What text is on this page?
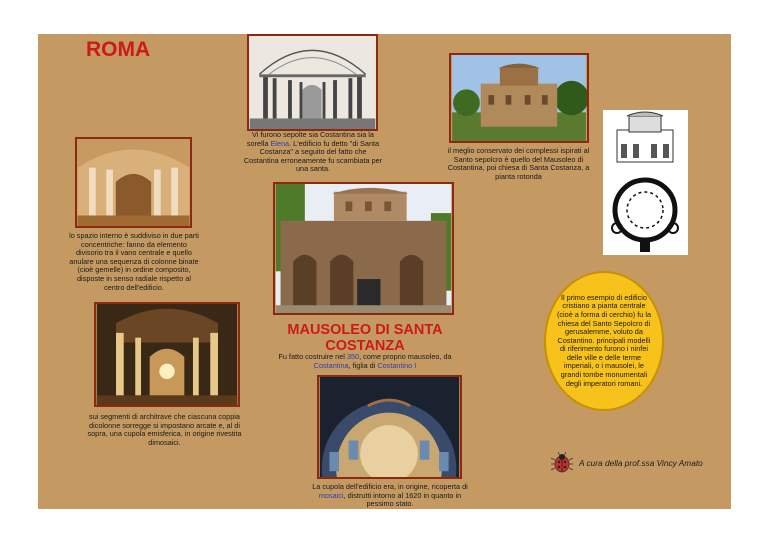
ROMA
Vi furono sepolte sia Costantina sia la sorella Elena. L'edificio fu detto "di Santa Costanza" a seguito del fatto che Costantina erroneamente fu scambiata per una santa.
il meglio conservato dei complessi ispirati al Santo sepolcro è quello del Mausoleo di Costantina, poi chiesa di Santa Costanza, a pianta rotonda
lo spazio interno è suddiviso in due parti concentriche: fanno da elemento divisorio tra il vano centrale e quello anulare una sequenza di colonne binate (cioè gemelle) in ordine composito, disposte in senso radiale rispetto al centro dell'edificio.
MAUSOLEO DI SANTA COSTANZA
Fu fatto costruire nel 350, come proprio mausoleo, da Costantina, figlia di Costantino I
Il primo esempio di edificio cristiano a pianta centrale (cioè a forma di cerchio) fu la chiesa del Santo Sepolcro di gerusalemme, voluto da Costantino. principali modelli di riferimento furono i ninfei delle ville e delle terme imperiali, o i mausolei, le grandi tombe monumentali degli imperatori romani.
sui segmenti di architrave che ciascuna coppia dicolonne sorregge si impostano arcate e, al di sopra, una cupola emisferica, in origine rivestita dimosaici.
La cupola dell'edificio era, in origine, ricoperta di mosaici, distrutti intorno al 1620 in quanto in pessimo stato.
A cura della prof.ssa Vincy Amato
